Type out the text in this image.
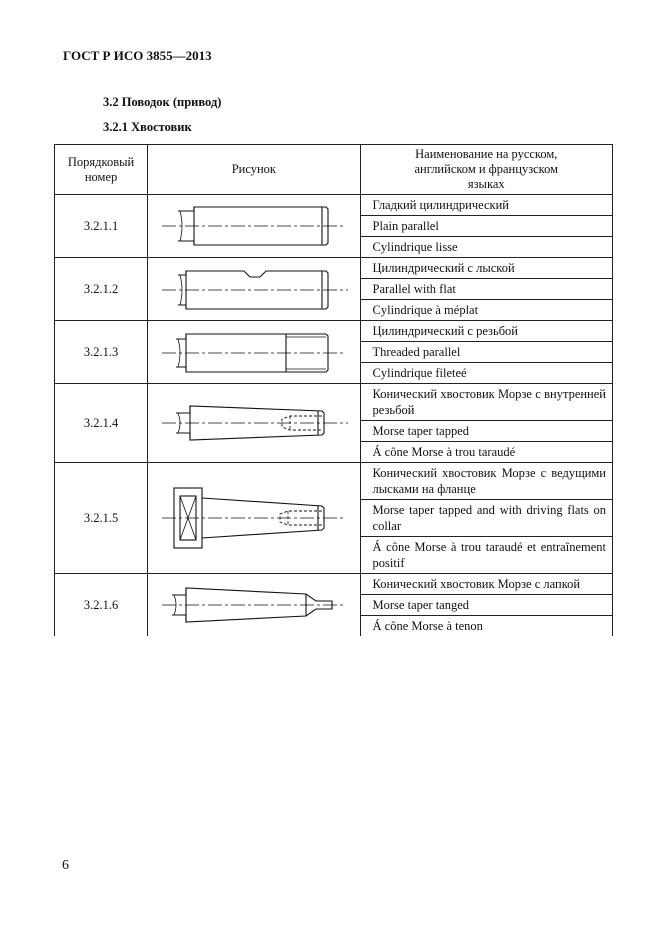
ГОСТ Р ИСО 3855—2013
3.2 Поводок (привод)
3.2.1 Хвостовик
Порядковый номер	Рисунок	Наименование на русском, английском и французском языках
3.2.1.1		Гладкий цилиндрический
Plain parallel
Cylindrique lisse

3.2.1.2		Цилиндрический с лыской
Parallel with flat
Cylindrique à méplat

3.2.1.3		Цилиндрический с резьбой
Threaded parallel
Cylindrique fileteé

3.2.1.4		Конический хвостовик Морзе с внутренней резьбой
Morse taper tapped
Á cône Morse à trou taraudé

3.2.1.5		Конический хвостовик Морзе с ведущими лысками на фланце
Morse taper tapped and with driving flats on collar
Á cône Morse à trou taraudé et entraînement positif

3.2.1.6		Конический хвостовик Морзе с лапкой
Morse taper tanged
Á cône Morse à tenon
6
